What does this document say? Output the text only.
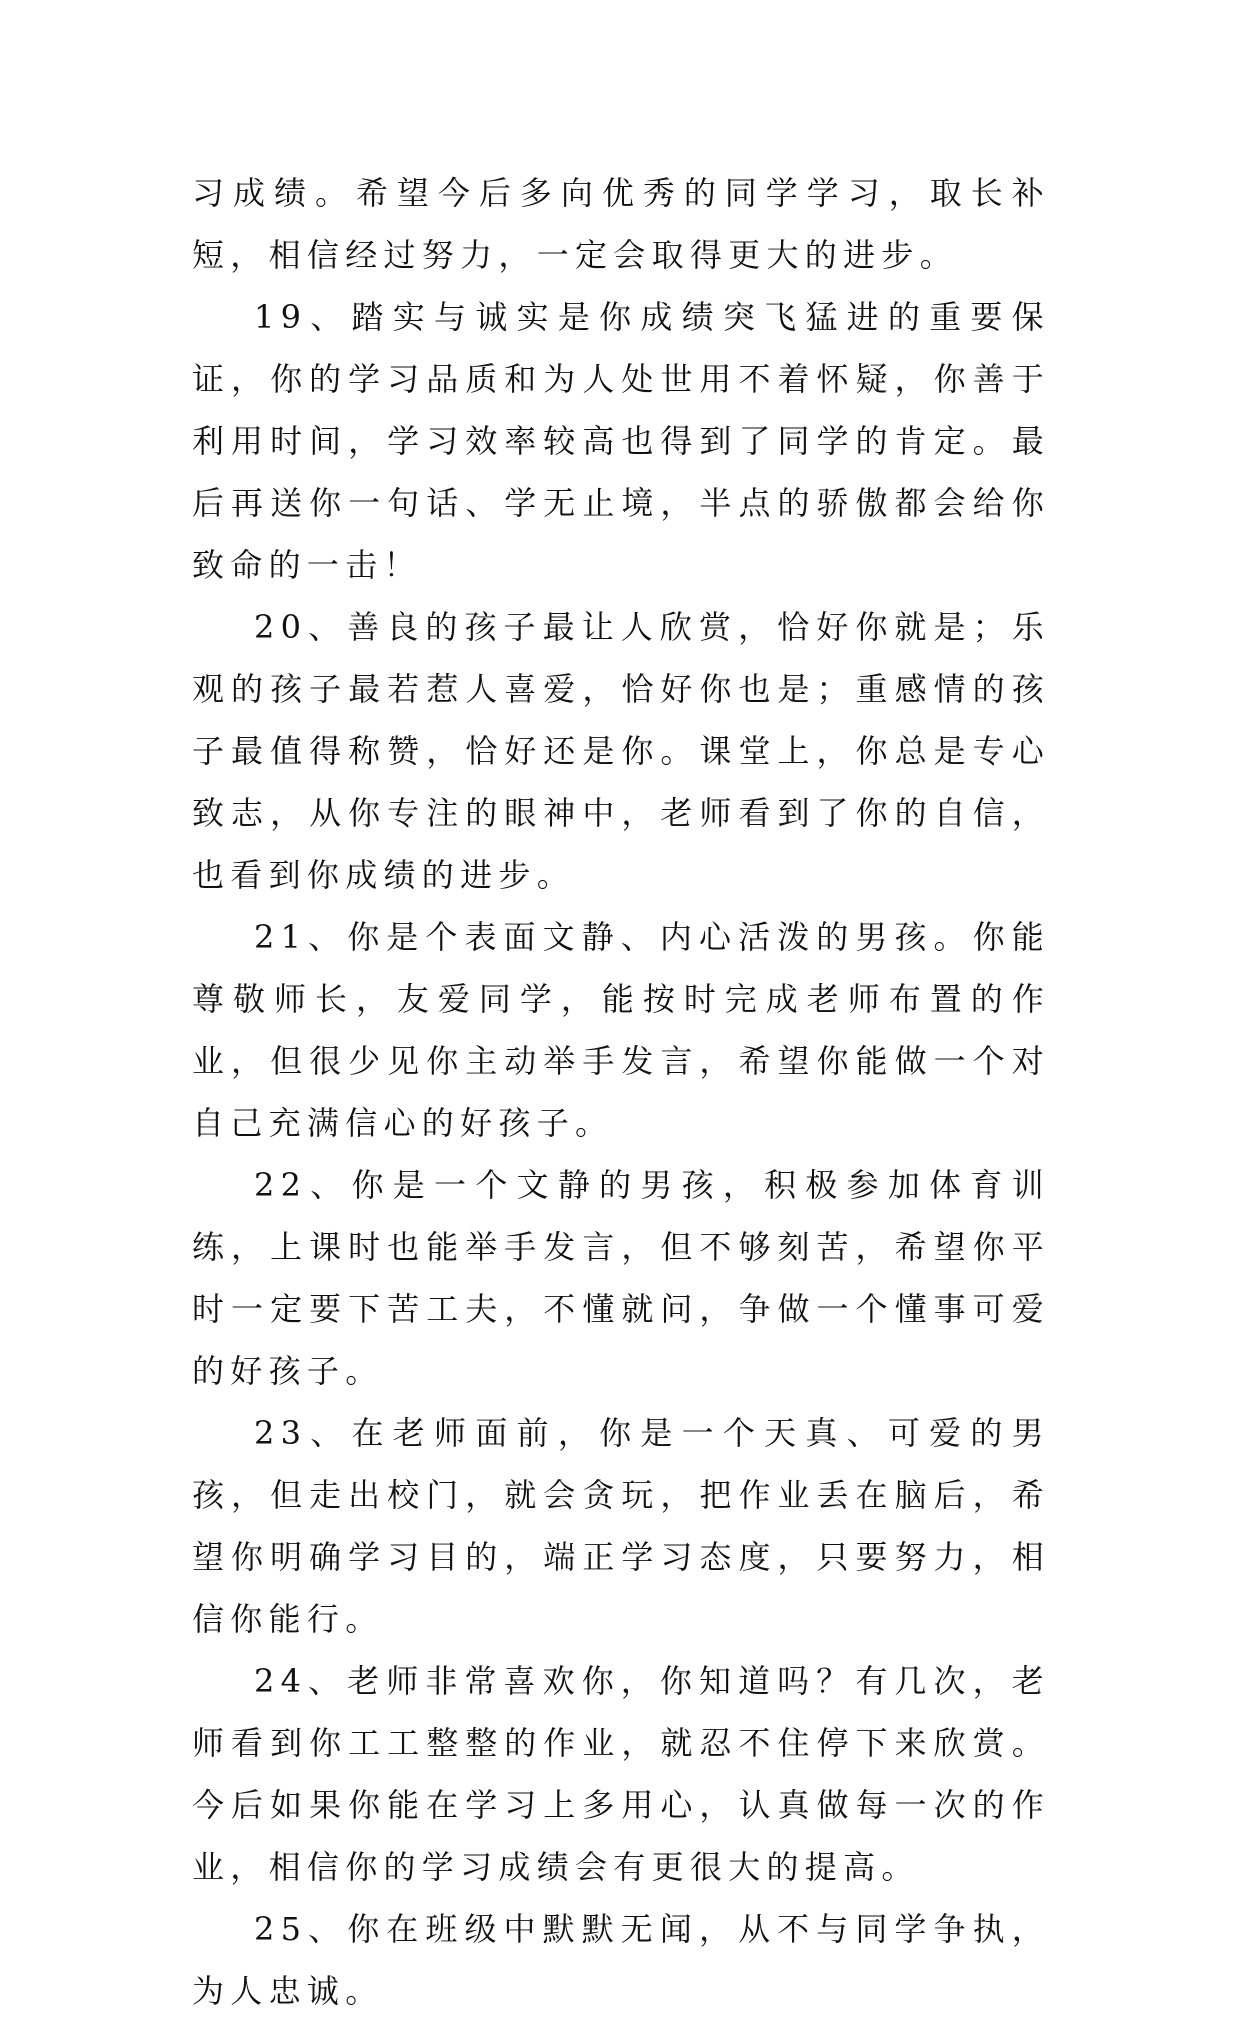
习成绩。希望今后多向优秀的同学学习，取长补短，相信经过努力，一定会取得更大的进步。

19、踏实与诚实是你成绩突飞猛进的重要保证，你的学习品质和为人处世用不着怀疑，你善于利用时间，学习效率较高也得到了同学的肯定。最后再送你一句话、学无止境，半点的骄傲都会给你致命的一击！

20、善良的孩子最让人欣赏，恰好你就是；乐观的孩子最若惹人喜爱，恰好你也是；重感情的孩子最值得称赞，恰好还是你。课堂上，你总是专心致志，从你专注的眼神中，老师看到了你的自信，也看到你成绩的进步。

21、你是个表面文静、内心活泼的男孩。你能尊敬师长，友爱同学，能按时完成老师布置的作业，但很少见你主动举手发言，希望你能做一个对自己充满信心的好孩子。

22、你是一个文静的男孩，积极参加体育训练，上课时也能举手发言，但不够刻苦，希望你平时一定要下苦工夫，不懂就问，争做一个懂事可爱的好孩子。

23、在老师面前，你是一个天真、可爱的男孩，但走出校门，就会贪玩，把作业丢在脑后，希望你明确学习目的，端正学习态度，只要努力，相信你能行。

24、老师非常喜欢你，你知道吗？有几次，老师看到你工工整整的作业，就忍不住停下来欣赏。今后如果你能在学习上多用心，认真做每一次的作业，相信你的学习成绩会有更很大的提高。

25、你在班级中默默无闻，从不与同学争执，为人忠诚。
